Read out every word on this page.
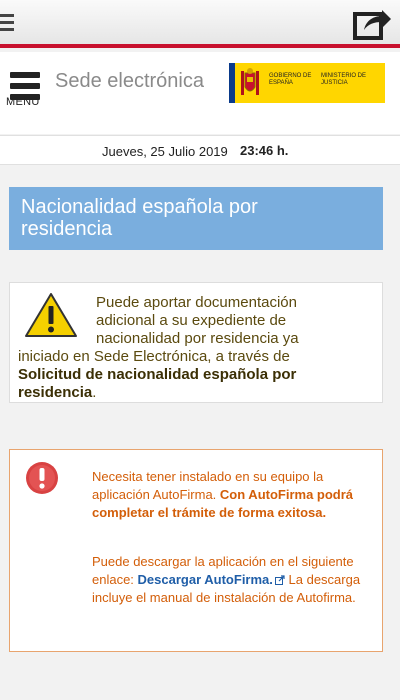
MENU
Sede electrónica	GOBIERNO DE ESPAÑA
MINISTERIO DE JUSTICIA
Jueves, 25 Julio 2019 23:46 h.
Nacionalidad española por residencia
Puede aportar documentación adicional a su expediente de nacionalidad por residencia ya iniciado en Sede Electrónica, a través de Solicitud de nacionalidad española por residencia.
Necesita tener instalado en su equipo la aplicación AutoFirma. Con AutoFirma podrá completar el trámite de forma exitosa.
Puede descargar la aplicación en el siguiente enlace: Descargar AutoFirma. La descarga incluye el manual de instalación de Autofirma.
